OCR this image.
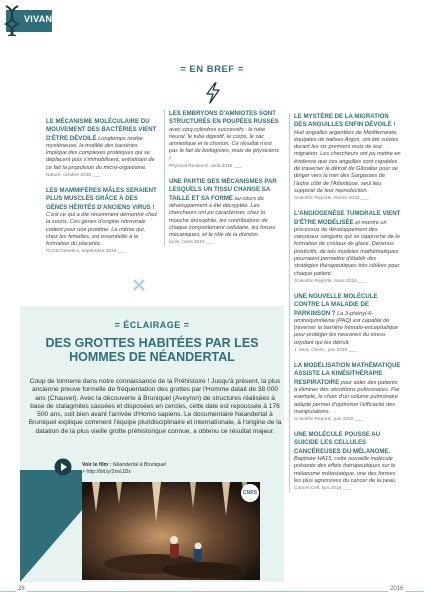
VIVANT
= EN BREF =
LE MÉCANISME MOLÉCULAIRE DU MOUVEMENT DES BACTÉRIES VIENT D'ÊTRE DÉVOILÉ Longtemps restée mystérieuse, la motilité des bactéries implique des complexes protéiques qui se déplacent puis s'immobilisent, entraînant de ce fait la propulsion du micro-organisme.
Nature, octobre 2016 ___
LES MAMMIFÈRES MÂLES SERAIENT PLUS MUSCLÉS GRÂCE À DES GÈNES HÉRITÉS D'ANCIENS VIRUS ! C'est ce qui a été récemment démontré chez la souris. Ces gènes d'origine rétrovirale codent pour une protéine. La même qui, chez les femelles, est essentielle à la formation du placenta.
PLOS Genetics, septembre 2016 ___
LES EMBRYONS D'AMNIOTES SONT STRUCTURÉS EN POUPÉES RUSSES avec cinq cylindres successifs : le tube neural, le tube digestif, le corps, le sac amniotique et le chorion. Ce résultat n'est pas le fait de biologistes, mais de physiciens !
Physical Review E, août 2016 ___
UNE PARTIE DES MÉCANISMES PAR LESQUELS UN TISSU CHANGE SA TAILLE ET SA FORME au cours du développement a été décryptée. Les chercheurs ont pu caractériser, chez la mouche drosophile, les contributions de chaque comportement cellulaire, les forces mécaniques, et le rôle de la division.
eLife, mars 2016 ___
LE MYSTÈRE DE LA MIGRATION DES ANGUILLES ENFIN DÉVOILÉ ! Huit anguilles argentées de Méditerranée, équipées de balises Argos, ont été suivies durant les six premiers mois de leur migration. Les chercheurs ont pu mettre en évidence que ces anguilles sont capables de traverser le détroit de Gibraltar pour se diriger vers la mer des Sargasses de l'autre côté de l'Atlantique, seul lieu supposé de leur reproduction.
Scientific Reports, février 2016 ___
L'ANGIOGENÈSE TUMORALE VIENT D'ÊTRE MODÉLISÉE et montre un processus de développement des vaisseaux sanguins qui se rapproche de la formation de cristaux de glace. Devenus prédictifs, de tels modèles mathématiques pourraient permettre d'établir des stratégies thérapeutiques très ciblées pour chaque patient.
Scientific Reports, mars 2016 ___
UNE NOUVELLE MOLÉCULE CONTRE LA MALADIE DE PARKINSON ? La 3-phényl-6-aminoquinoléine (PAQ) est capable de traverser la barrière hémato-encéphalique pour protéger les neurones du stress oxydant qui les détruit.
J. Med. Chem., juin 2016 ___
LA MODÉLISATION MATHÉMATIQUE ASSISTE LA KINÉSITHÉRAPIE RESPIRATOIRE pour aider des patients à éliminer des sécrétions pulmonaires. Par exemple, le choix d'un volume pulmonaire adapté permet d'optimiser l'efficacité des manipulations.
Scientific Reports, juin 2016 ___
UNE MOLÉCULE POUSSE AU SUICIDE LES CELLULES CANCÉREUSES DU MÉLANOME. Baptisée HA15, cette nouvelle molécule présente des effets thérapeutiques sur le mélanome métastatique, une des formes les plus agressives du cancer de la peau.
Cancer Cell, juin 2016 ___
= ÉCLAIRAGE =
DES GROTTES HABITÉES PAR LES HOMMES DE NÉANDERTAL
Coup de tonnerre dans notre connaissance de la Préhistoire ! Jusqu'à présent, la plus ancienne preuve formelle de fréquentation des grottes par l'Homme datait de 38 000 ans (Chauvet). Avec la découverte à Bruniquel (Aveyron) de structures réalisées à base de stalagmites cassées et disposées en cercles, cette date est repoussée à 176 500 ans, soit bien avant l'arrivée d'Homo sapiens. Le documentaire Néandertal à Bruniquel explique comment l'équipe pluridisciplinaire et internationale, à l'origine de la datation de la plus vieille grotte préhistorique connue, a obtenu ce résultat majeur.
Voir le film : Néandertal à Bruniquel
> http://bit.ly/2nnUZlx
CNRS
28	2016
